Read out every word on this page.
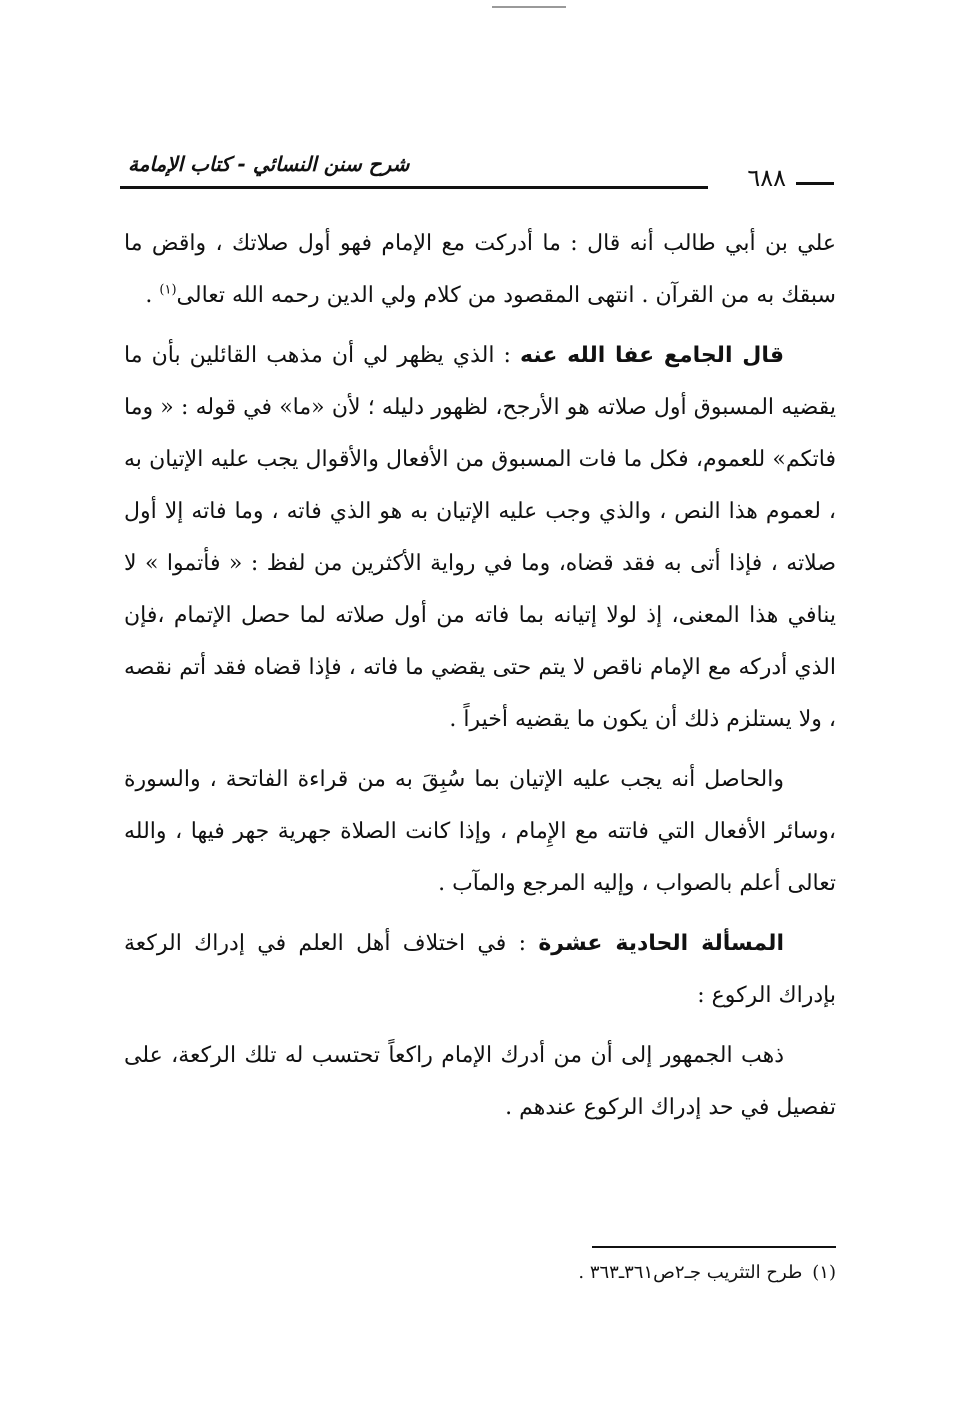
٦٨٨
شرح سنن النسائي - كتاب الإمامة

علي بن أبي طالب أنه قال : ما أدركت مع الإمام فهو أول صلاتك ، واقض ما سبقك به من القرآن . انتهى المقصود من كلام ولي الدين رحمه الله تعالى$^{(١)}$ .

قال الجامع عفا الله عنه : الذي يظهر لي أن مذهب القائلين بأن ما يقضيه المسبوق أول صلاته هو الأرجح، لظهور دليله ؛ لأن «ما» في قوله : « وما فاتكم» للعموم، فكل ما فات المسبوق من الأفعال والأقوال يجب عليه الإتيان به ، لعموم هذا النص ، والذي وجب عليه الإتيان به هو الذي فاته ، وما فاته إلا أول صلاته ، فإذا أتى به فقد قضاه، وما في رواية الأكثرين من لفظ : « فأتموا » لا ينافي هذا المعنى، إذ لولا إتيانه بما فاته من أول صلاته لما حصل الإتمام ،فإن الذي أدركه مع الإمام ناقص لا يتم حتى يقضي ما فاته ، فإذا قضاه فقد أتم نقصه ، ولا يستلزم ذلك أن يكون ما يقضيه أخيراً .

والحاصل أنه يجب عليه الإتيان بما سُبِقَ به من قراءة الفاتحة ، والسورة ،وسائر الأفعال التي فاتته مع الإِمام ، وإذا كانت الصلاة جهرية جهر فيها ، والله تعالى أعلم بالصواب ، وإليه المرجع والمآب .

المسألة الحادية عشرة : في اختلاف أهل العلم في إدراك الركعة بإدراك الركوع :

ذهب الجمهور إلى أن من أدرك الإمام راكعاً تحتسب له تلك الركعة، على تفصيل في حد إدراك الركوع عندهم .

(١)طرح التثريب جـ٢ص٣٦١ـ٣٦٣ .
